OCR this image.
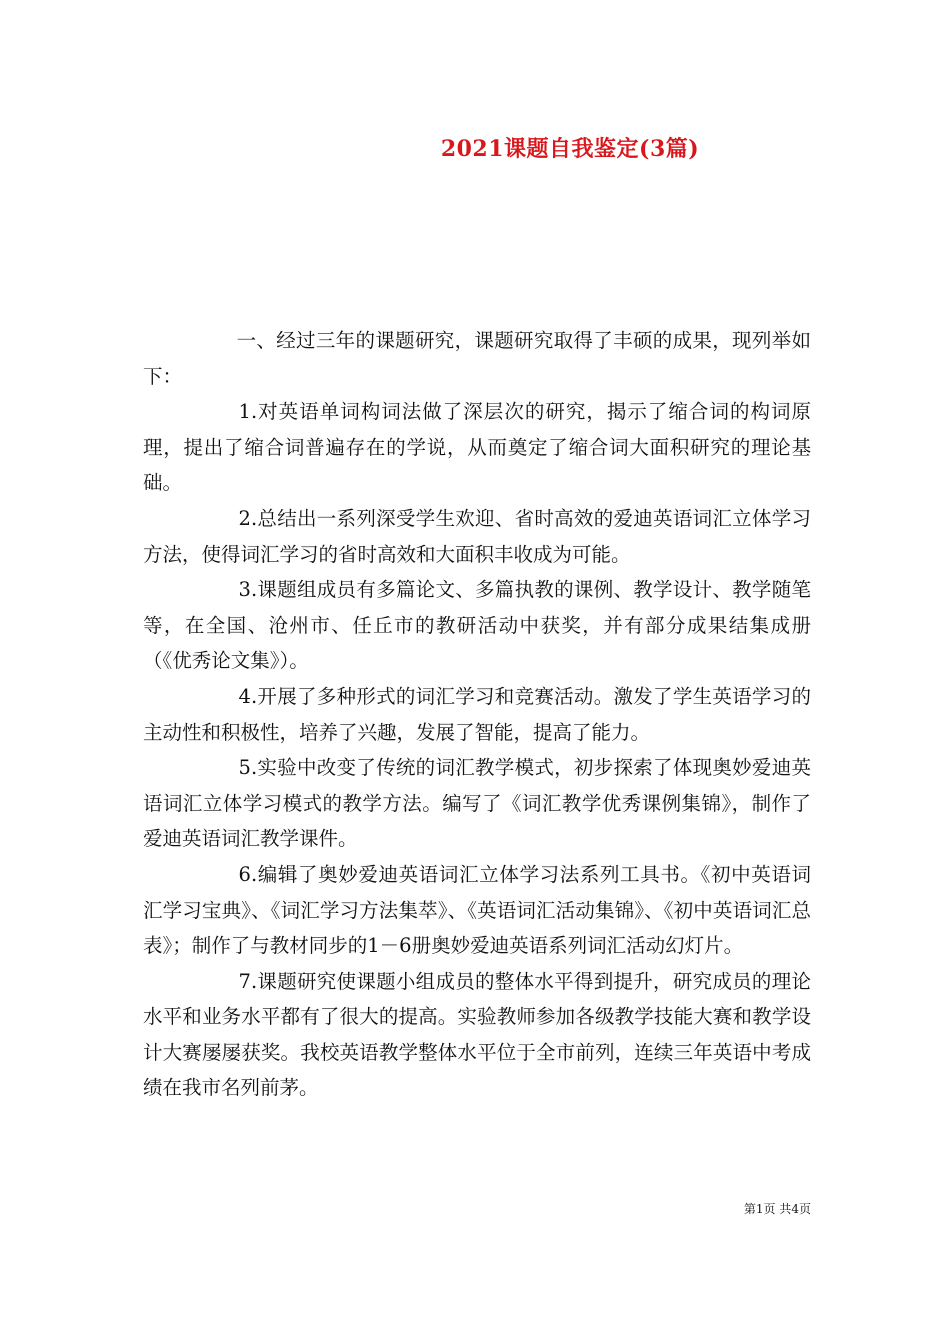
2021课题自我鉴定(3篇)

一、经过三年的课题研究，课题研究取得了丰硕的成果，现列举如下：

1.对英语单词构词法做了深层次的研究，揭示了缩合词的构词原理，提出了缩合词普遍存在的学说，从而奠定了缩合词大面积研究的理论基础。

2.总结出一系列深受学生欢迎、省时高效的爱迪英语词汇立体学习方法，使得词汇学习的省时高效和大面积丰收成为可能。

3.课题组成员有多篇论文、多篇执教的课例、教学设计、教学随笔等，在全国、沧州市、任丘市的教研活动中获奖，并有部分成果结集成册（《优秀论文集》）。

4.开展了多种形式的词汇学习和竞赛活动。激发了学生英语学习的主动性和积极性，培养了兴趣，发展了智能，提高了能力。

5.实验中改变了传统的词汇教学模式，初步探索了体现奥妙爱迪英语词汇立体学习模式的教学方法。编写了《词汇教学优秀课例集锦》，制作了爱迪英语词汇教学课件。

6.编辑了奥妙爱迪英语词汇立体学习法系列工具书。《初中英语词汇学习宝典》、《词汇学习方法集萃》、《英语词汇活动集锦》、《初中英语词汇总表》；制作了与教材同步的1－6册奥妙爱迪英语系列词汇活动幻灯片。

7.课题研究使课题小组成员的整体水平得到提升，研究成员的理论水平和业务水平都有了很大的提高。实验教师参加各级教学技能大赛和教学设计大赛屡屡获奖。我校英语教学整体水平位于全市前列，连续三年英语中考成绩在我市名列前茅。

第1页 共4页
